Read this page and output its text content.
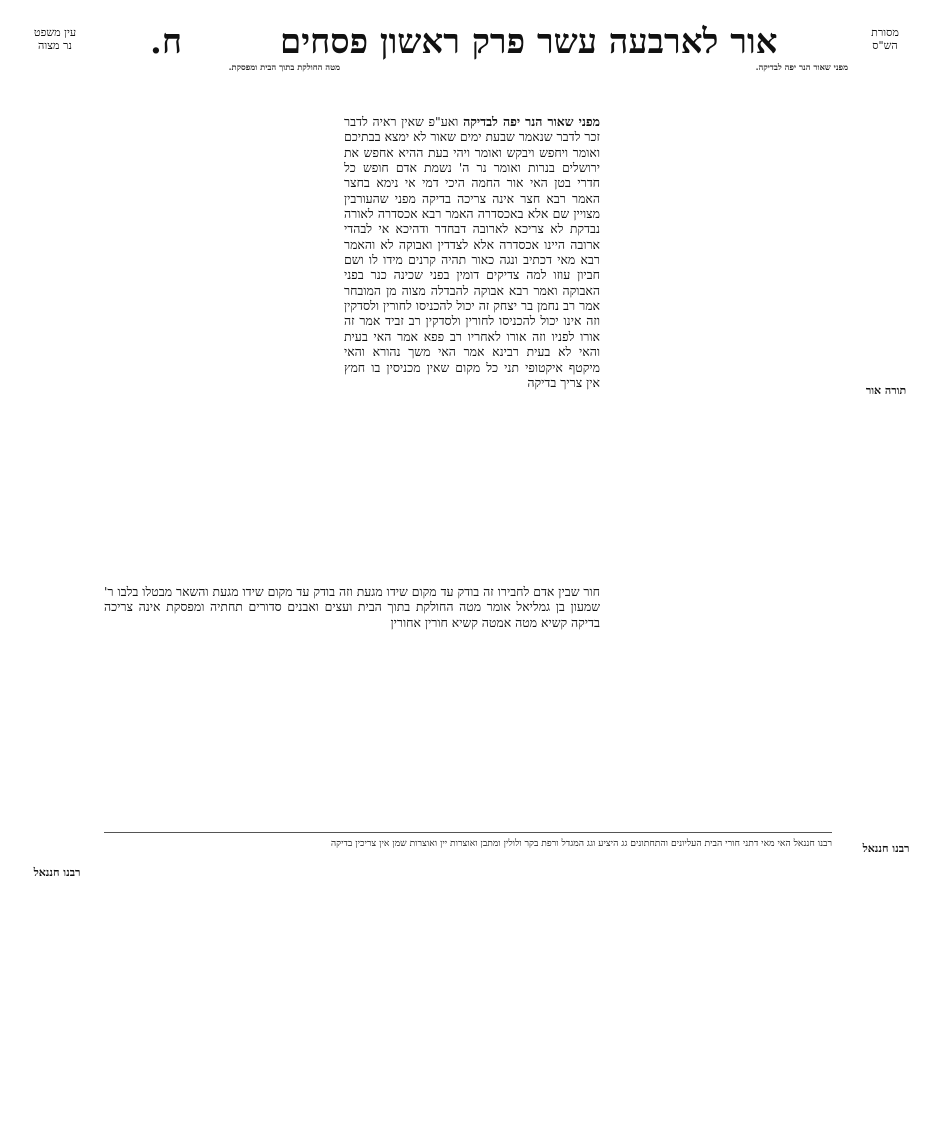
מסורת
הש"ס
עין משפט
נר מצוה	ח.	אור לארבעה עשר פרק ראשון פסחים
תורה אור
רבנו חננאל
רבנו חננאל
מפני שאור הנר יפה לבדיקה.
מטה החולקת בתוך הבית ומפסקת.
מפני שאור הנר יפה לבדיקה ואע"פ שאין ראיה לדבר זכר לדבר שנאמר שבעת ימים שאור לא ימצא בבתיכם ואומר ויחפש ויבקש ואומר ויהי בעת ההיא אחפש את ירושלים בנרות ואומר נר ה' נשמת אדם חופש כל חדרי בטן האי אור החמה היכי דמי אי נימא בחצר האמר רבא חצר אינה צריכה בדיקה מפני שהעורבין מצויין שם אלא באכסדרה האמר רבא אכסדרה לאורה נבדקת לא צריכא לארובה דבחדר ודהיכא אי לבהדי ארובה היינו אכסדרה אלא לצדדין ואבוקה לא והאמר רבא מאי דכתיב ונגה כאור תהיה קרנים מידו לו ושם חביון עוזו למה צדיקים דומין בפני שכינה כנר בפני האבוקה ואמר רבא אבוקה להבדלה מצוה מן המובחר אמר רב נחמן בר יצחק זה יכול להכניסו לחורין ולסדקין וזה אינו יכול להכניסו לחורין ולסדקין רב זביד אמר זה אורו לפניו וזה אורו לאחריו רב פפא אמר האי בעית והאי לא בעית רבינא אמר האי משך נהורא והאי מיקטף איקטופי תני כל מקום שאין מכניסין בו חמץ אין צריך בדיקה
חור שבין אדם לחבירו זה בודק עד מקום שידו מגעת וזה בודק עד מקום שידו מגעת והשאר מבטלו בלבו ר' שמעון בן גמליאל אומר מטה החולקת בתוך הבית ועצים ואבנים סדורים תחתיה ומפסקת אינה צריכה בדיקה קשיא מטה אמטה קשיא חורין אחורין
רבנו חננאל האי מאי דתני חורי הבית העליונים והתחתונים גג היציע וגג המגדל ורפת בקר ולולין ומתבן ואוצרות יין ואוצרות שמן אין צריכין בדיקה
